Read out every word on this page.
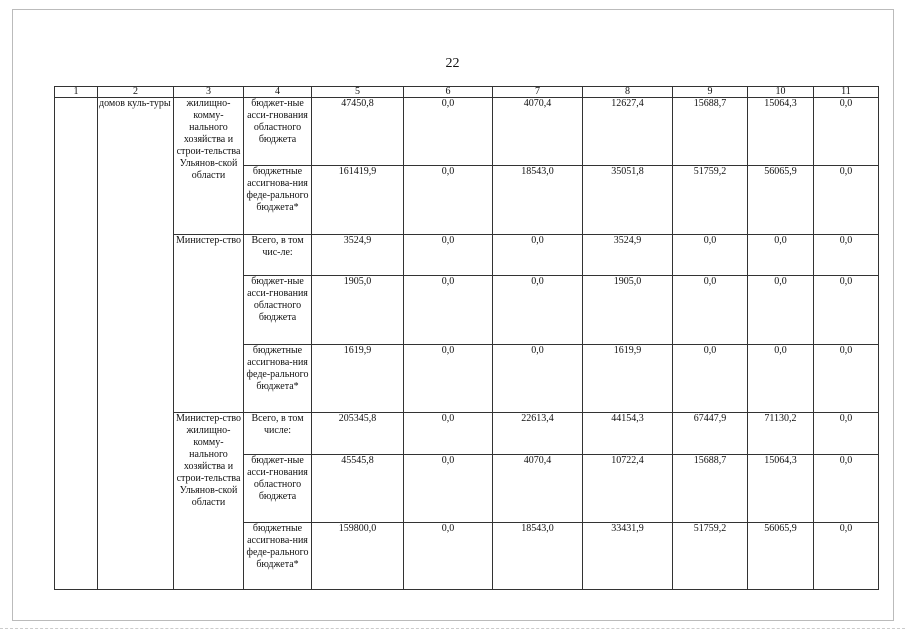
22
1	2	3	4	5	6	7	8	9	10	11
	домов куль-туры	жилищно-комму-нального хозяйства и строи-тельства Ульянов-ской области	бюджет-ные асси-гнования областного бюджета	47450,8	0,0	4070,4	12627,4	15688,7	15064,3	0,0
			бюджетные ассигнова-ния феде-рального бюджета*	161419,9	0,0	18543,0	35051,8	51759,2	56065,9	0,0
		Министер-ство	Всего, в том чис-ле:	3524,9	0,0	0,0	3524,9	0,0	0,0	0,0
			бюджет-ные асси-гнования областного бюджета	1905,0	0,0	0,0	1905,0	0,0	0,0	0,0
			бюджетные ассигнова-ния феде-рального бюджета*	1619,9	0,0	0,0	1619,9	0,0	0,0	0,0
		Министер-ство жилищно-комму-нального хозяйства и строи-тельства Ульянов-ской области	Всего, в том числе:	205345,8	0,0	22613,4	44154,3	67447,9	71130,2	0,0
			бюджет-ные асси-гнования областного бюджета	45545,8	0,0	4070,4	10722,4	15688,7	15064,3	0,0
			бюджетные ассигнова-ния феде-рального бюджета*	159800,0	0,0	18543,0	33431,9	51759,2	56065,9	0,0
